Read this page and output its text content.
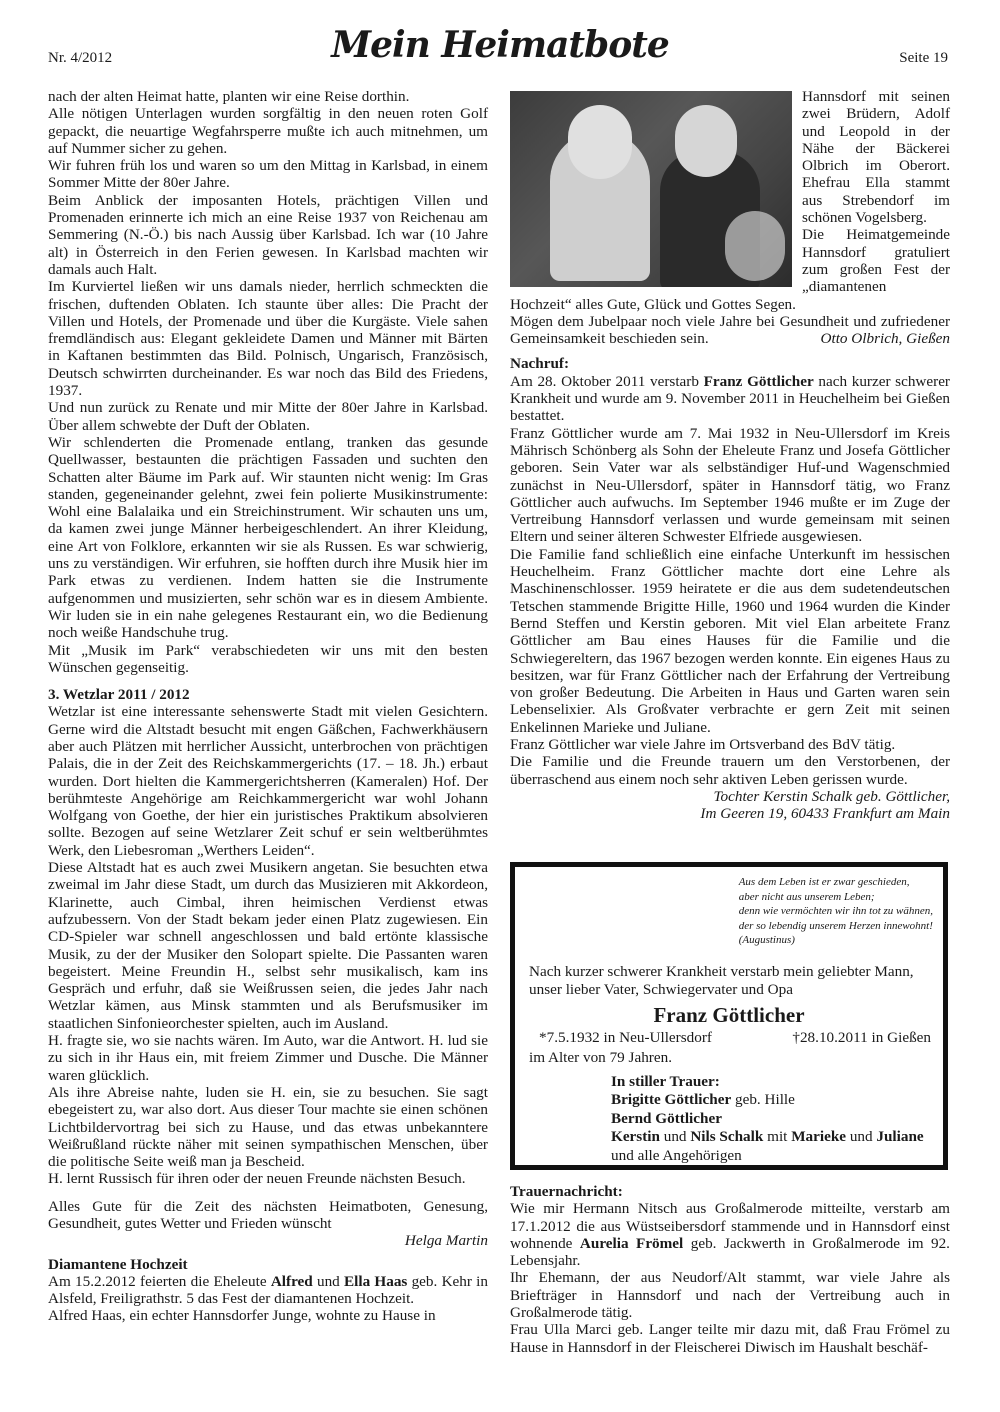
Nr. 4/2012	Mein Heimatbote	Seite 19

nach der alten Heimat hatte, planten wir eine Reise dorthin.

Alle nötigen Unterlagen wurden sorgfältig in den neuen roten Golf gepackt, die neuartige Wegfahrsperre mußte ich auch mitnehmen, um auf Nummer sicher zu gehen.

Wir fuhren früh los und waren so um den Mittag in Karlsbad, in einem Sommer Mitte der 80er Jahre.

Beim Anblick der imposanten Hotels, prächtigen Villen und Promenaden erinnerte ich mich an eine Reise 1937 von Reichenau am Semmering (N.-Ö.) bis nach Aussig über Karlsbad. Ich war (10 Jahre alt) in Österreich in den Ferien gewesen. In Karlsbad machten wir damals auch Halt.

Im Kurviertel ließen wir uns damals nieder, herrlich schmeckten die frischen, duftenden Oblaten. Ich staunte über alles: Die Pracht der Villen und Hotels, der Promenade und über die Kurgäste. Viele sahen fremdländisch aus: Elegant gekleidete Damen und Männer mit Bärten in Kaftanen bestimmten das Bild. Polnisch, Ungarisch, Französisch, Deutsch schwirrten durcheinander. Es war noch das Bild des Friedens, 1937.

Und nun zurück zu Renate und mir Mitte der 80er Jahre in Karlsbad. Über allem schwebte der Duft der Oblaten.

Wir schlenderten die Promenade entlang, tranken das gesunde Quellwasser, bestaunten die prächtigen Fassaden und suchten den Schatten alter Bäume im Park auf. Wir staunten nicht wenig: Im Gras standen, gegeneinander gelehnt, zwei fein polierte Musikinstrumente: Wohl eine Balalaika und ein Streichinstrument. Wir schauten uns um, da kamen zwei junge Männer herbeigeschlendert. An ihrer Kleidung, eine Art von Folklore, erkannten wir sie als Russen. Es war schwierig, uns zu verständigen. Wir erfuhren, sie hofften durch ihre Musik hier im Park etwas zu verdienen. Indem hatten sie die Instrumente aufgenommen und musizierten, sehr schön war es in diesem Ambiente. Wir luden sie in ein nahe gelegenes Restaurant ein, wo die Bedienung noch weiße Handschuhe trug.

Mit „Musik im Park“ verabschiedeten wir uns mit den besten Wünschen gegenseitig.

3. Wetzlar 2011 / 2012

Wetzlar ist eine interessante sehenswerte Stadt mit vielen Gesichtern. Gerne wird die Altstadt besucht mit engen Gäßchen, Fachwerkhäusern aber auch Plätzen mit herrlicher Aussicht, unterbrochen von prächtigen Palais, die in der Zeit des Reichskammergerichts (17. – 18. Jh.) erbaut wurden. Dort hielten die Kammergerichtsherren (Kameralen) Hof. Der berühmteste Angehörige am Reichkammergericht war wohl Johann Wolfgang von Goethe, der hier ein juristisches Praktikum absolvieren sollte. Bezogen auf seine Wetzlarer Zeit schuf er sein weltberühmtes Werk, den Liebesroman „Werthers Leiden“.

Diese Altstadt hat es auch zwei Musikern angetan. Sie besuchten etwa zweimal im Jahr diese Stadt, um durch das Musizieren mit Akkordeon, Klarinette, auch Cimbal, ihren heimischen Verdienst etwas aufzubessern. Von der Stadt bekam jeder einen Platz zugewiesen. Ein CD-Spieler war schnell angeschlossen und bald ertönte klassische Musik, zu der der Musiker den Solopart spielte. Die Passanten waren begeistert. Meine Freundin H., selbst sehr musikalisch, kam ins Gespräch und erfuhr, daß sie Weißrussen seien, die jedes Jahr nach Wetzlar kämen, aus Minsk stammten und als Berufsmusiker im staatlichen Sinfonieorchester spielten, auch im Ausland.

H. fragte sie, wo sie nachts wären. Im Auto, war die Antwort. H. lud sie zu sich in ihr Haus ein, mit freiem Zimmer und Dusche. Die Männer waren glücklich.

Als ihre Abreise nahte, luden sie H. ein, sie zu besuchen. Sie sagt ebegeistert zu, war also dort. Aus dieser Tour machte sie einen schönen Lichtbildervortrag bei sich zu Hause, und das etwas unbekanntere Weißrußland rückte näher mit seinen sympathischen Menschen, über die politische Seite weiß man ja Bescheid.

H. lernt Russisch für ihren oder der neuen Freunde nächsten Besuch.

Alles Gute für die Zeit des nächsten Heimatboten, Genesung, Gesundheit, gutes Wetter und Frieden wünscht

Helga Martin
Diamantene Hochzeit

Am 15.2.2012 feierten die Eheleute Alfred und Ella Haas geb. Kehr in Alsfeld, Freiligrathstr. 5 das Fest der diamantenen Hochzeit.

Alfred Haas, ein echter Hannsdorfer Junge, wohnte zu Hause in

Hannsdorf mit seinen zwei Brüdern, Adolf und Leopold in der Nähe der Bäckerei Olbrich im Oberort. Ehefrau Ella stammt aus Strebendorf im schönen Vogelsberg.

Die Heimatgemeinde Hannsdorf gratuliert zum großen Fest der „diamantenen Hochzeit“ alles Gute, Glück und Gottes Segen.

Mögen dem Jubelpaar noch viele Jahre bei Gesundheit und zufriedener Gemeinsamkeit beschieden sein.	Otto Olbrich, Gießen

Nachruf:

Am 28. Oktober 2011 verstarb Franz Göttlicher nach kurzer schwerer Krankheit und wurde am 9. November 2011 in Heuchelheim bei Gießen bestattet.

Franz Göttlicher wurde am 7. Mai 1932 in Neu-Ullersdorf im Kreis Mährisch Schönberg als Sohn der Eheleute Franz und Josefa Göttlicher geboren. Sein Vater war als selbständiger Huf-und Wagenschmied zunächst in Neu-Ullersdorf, später in Hannsdorf tätig, wo Franz Göttlicher auch aufwuchs. Im September 1946 mußte er im Zuge der Vertreibung Hannsdorf verlassen und wurde gemeinsam mit seinen Eltern und seiner älteren Schwester Elfriede ausgewiesen.

Die Familie fand schließlich eine einfache Unterkunft im hessischen Heuchelheim. Franz Göttlicher machte dort eine Lehre als Maschinenschlosser. 1959 heiratete er die aus dem sudetendeutschen Tetschen stammende Brigitte Hille, 1960 und 1964 wurden die Kinder Bernd Steffen und Kerstin geboren. Mit viel Elan arbeitete Franz Göttlicher am Bau eines Hauses für die Familie und die Schwiegereltern, das 1967 bezogen werden konnte. Ein eigenes Haus zu besitzen, war für Franz Göttlicher nach der Erfahrung der Vertreibung von großer Bedeutung. Die Arbeiten in Haus und Garten waren sein Lebenselixier. Als Großvater verbrachte er gern Zeit mit seinen Enkelinnen Marieke und Juliane.

Franz Göttlicher war viele Jahre im Ortsverband des BdV tätig.

Die Familie und die Freunde trauern um den Verstorbenen, der überraschend aus einem noch sehr aktiven Leben gerissen wurde.

Tochter Kerstin Schalk geb. Göttlicher,
Im Geeren 19, 60433 Frankfurt am Main
Aus dem Leben ist er zwar geschieden,
aber nicht aus unserem Leben;
denn wie vermöchten wir ihn tot zu wähnen,
der so lebendig unserem Herzen innewohnt!
(Augustinus)
Nach kurzer schwerer Krankheit verstarb mein geliebter Mann, unser lieber Vater, Schwiegervater und Opa
Franz Göttlicher
*7.5.1932 in Neu-Ullersdorf	†28.10.2011 in Gießen
im Alter von 79 Jahren.
In stiller Trauer:
Brigitte Göttlicher geb. Hille
Bernd Göttlicher
Kerstin und Nils Schalk mit Marieke und Juliane
und alle Angehörigen
Trauernachricht:

Wie mir Hermann Nitsch aus Großalmerode mitteilte, verstarb am 17.1.2012 die aus Wüstseibersdorf stammende und in Hannsdorf einst wohnende Aurelia Frömel geb. Jackwerth in Großalmerode im 92. Lebensjahr.

Ihr Ehemann, der aus Neudorf/Alt stammt, war viele Jahre als Briefträger in Hannsdorf und nach der Vertreibung auch in Großalmerode tätig.

Frau Ulla Marci geb. Langer teilte mir dazu mit, daß Frau Frömel zu Hause in Hannsdorf in der Fleischerei Diwisch im Haushalt beschäf-
